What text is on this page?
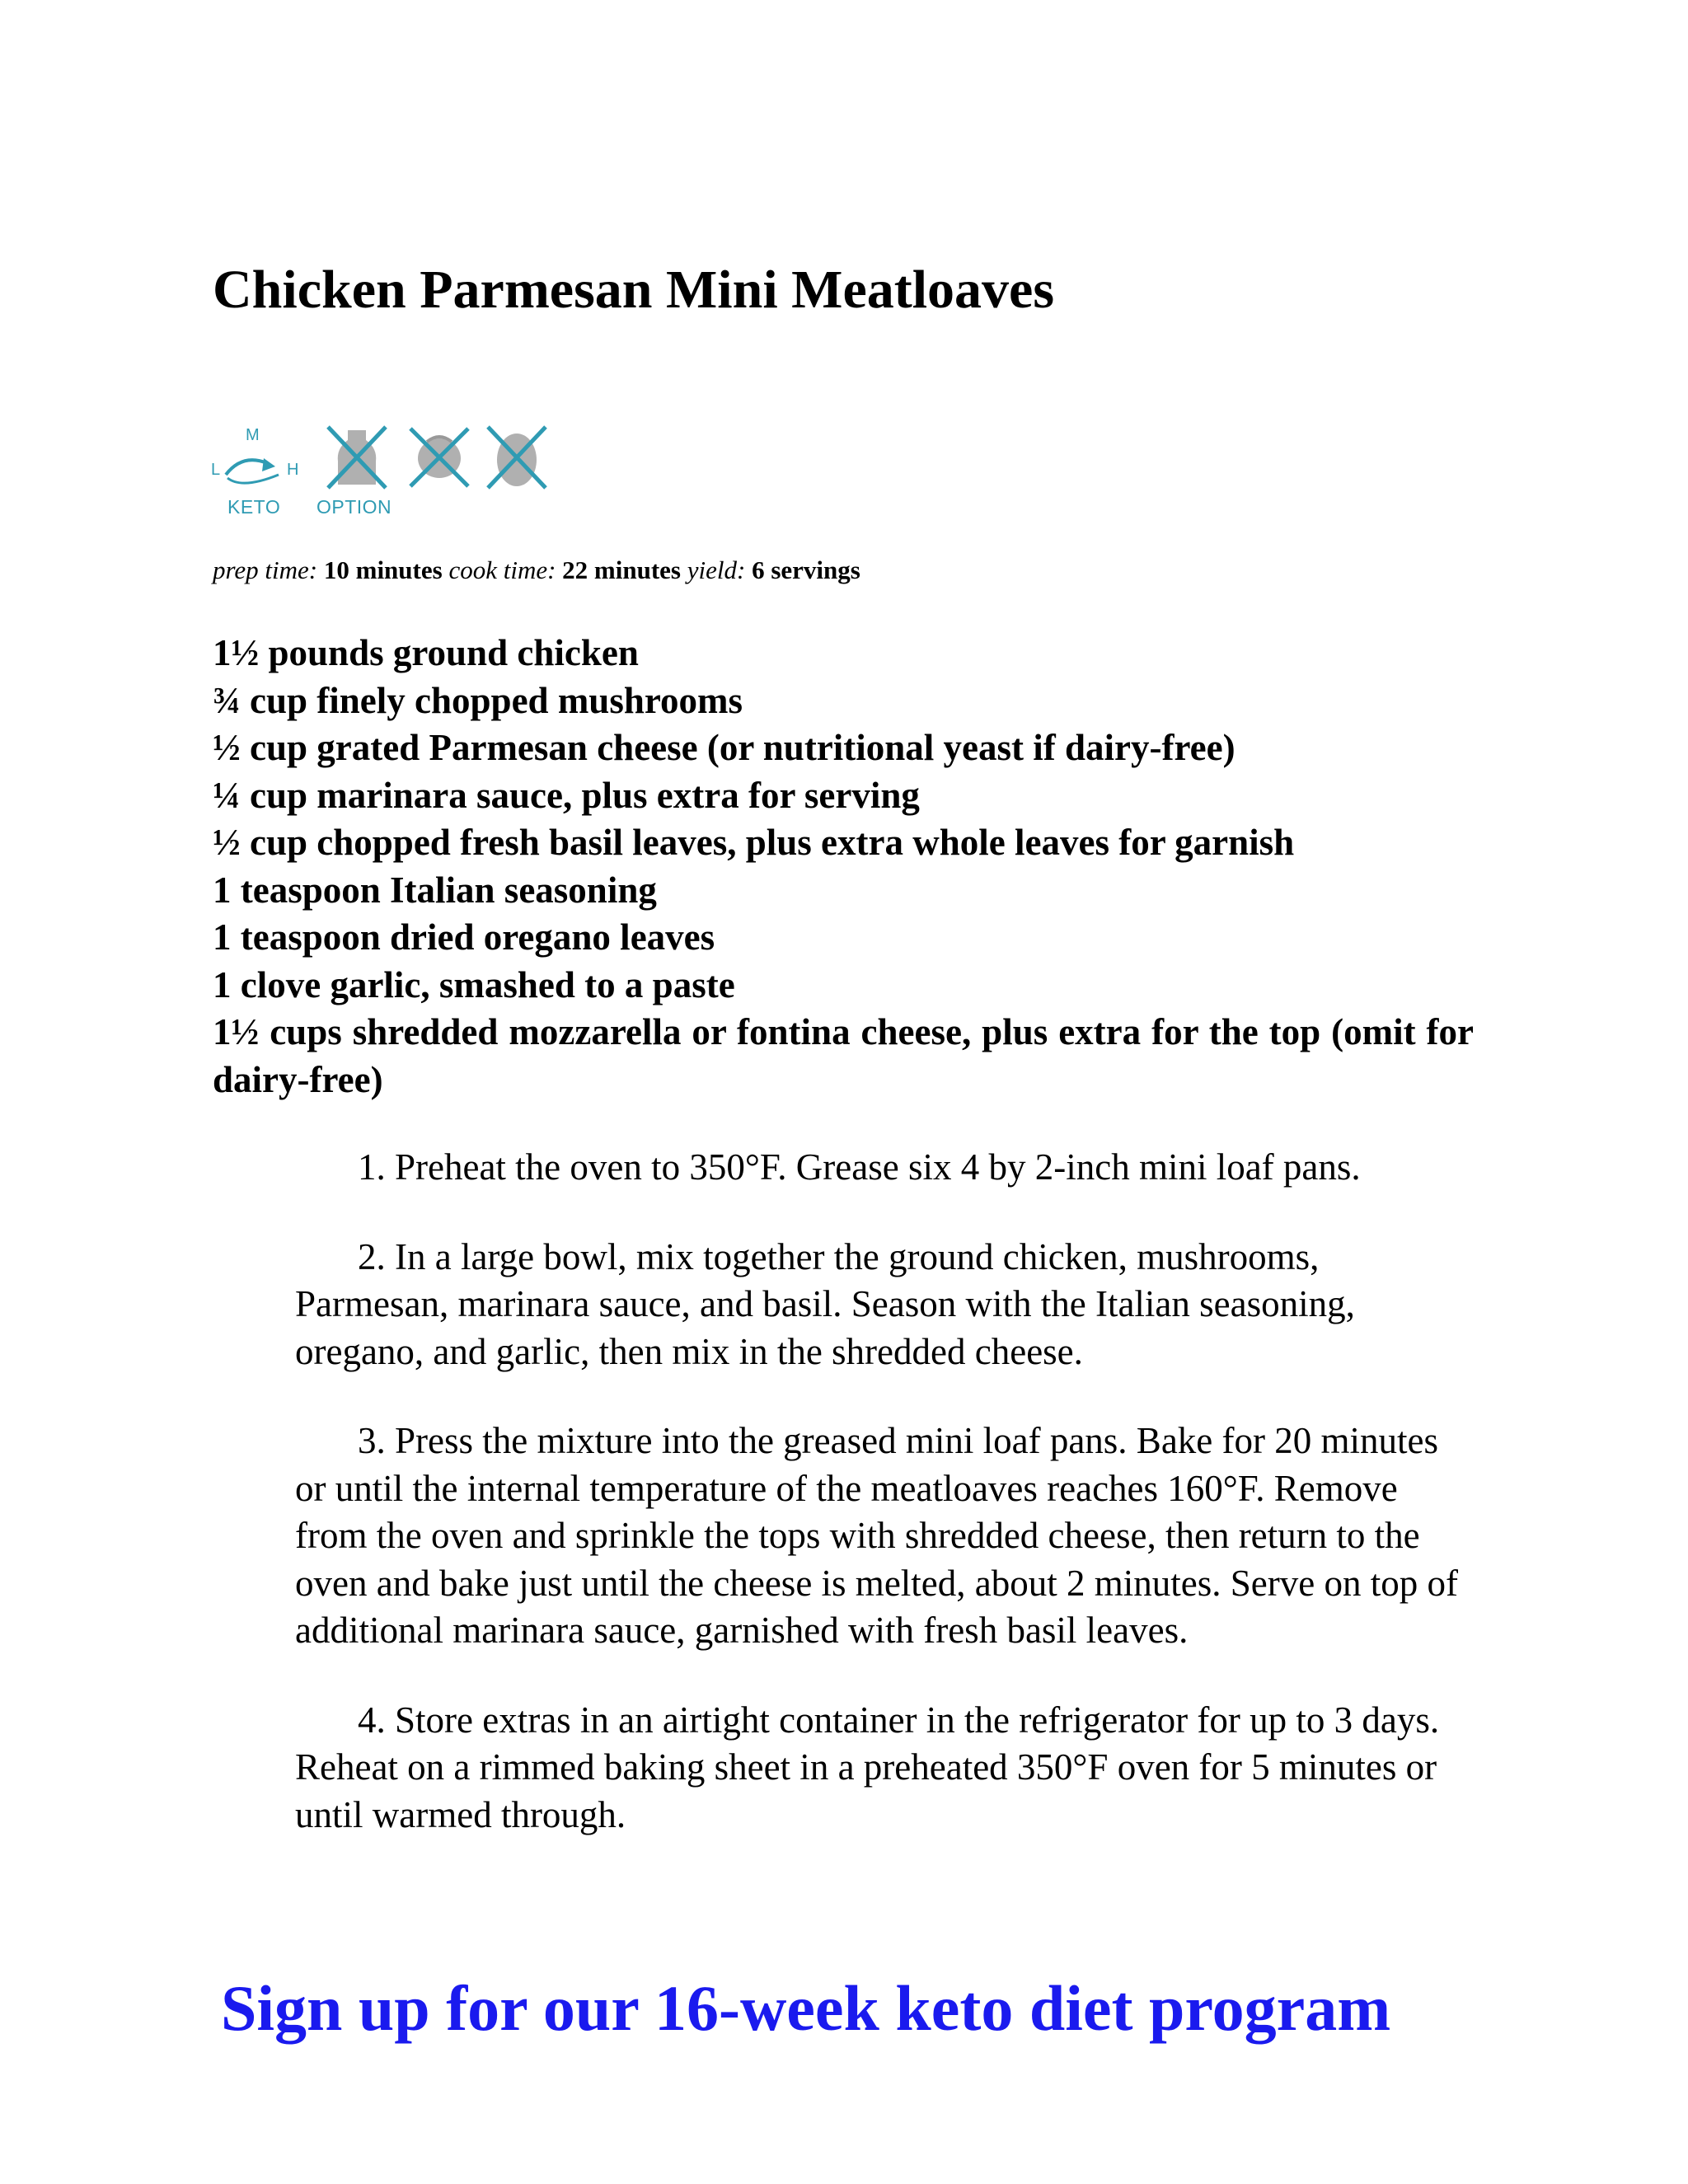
Chicken Parmesan Mini Meatloaves
M
L	H
KETO OPTION
prep time: 10 minutes cook time: 22 minutes yield: 6 servings
1½ pounds ground chicken
¾ cup finely chopped mushrooms
½ cup grated Parmesan cheese (or nutritional yeast if dairy-free)
¼ cup marinara sauce, plus extra for serving
½ cup chopped fresh basil leaves, plus extra whole leaves for garnish
1 teaspoon Italian seasoning
1 teaspoon dried oregano leaves
1 clove garlic, smashed to a paste
1½ cups shredded mozzarella or fontina cheese, plus extra for the top (omit for dairy-free)
1. Preheat the oven to 350°F. Grease six 4 by 2-inch mini loaf pans.
2. In a large bowl, mix together the ground chicken, mushrooms, Parmesan, marinara sauce, and basil. Season with the Italian seasoning, oregano, and garlic, then mix in the shredded cheese.
3. Press the mixture into the greased mini loaf pans. Bake for 20 minutes or until the internal temperature of the meatloaves reaches 160°F. Remove from the oven and sprinkle the tops with shredded cheese, then return to the oven and bake just until the cheese is melted, about 2 minutes. Serve on top of additional marinara sauce, garnished with fresh basil leaves.
4. Store extras in an airtight container in the refrigerator for up to 3 days. Reheat on a rimmed baking sheet in a preheated 350°F oven for 5 minutes or until warmed through.
Sign up for our 16-week keto diet program
